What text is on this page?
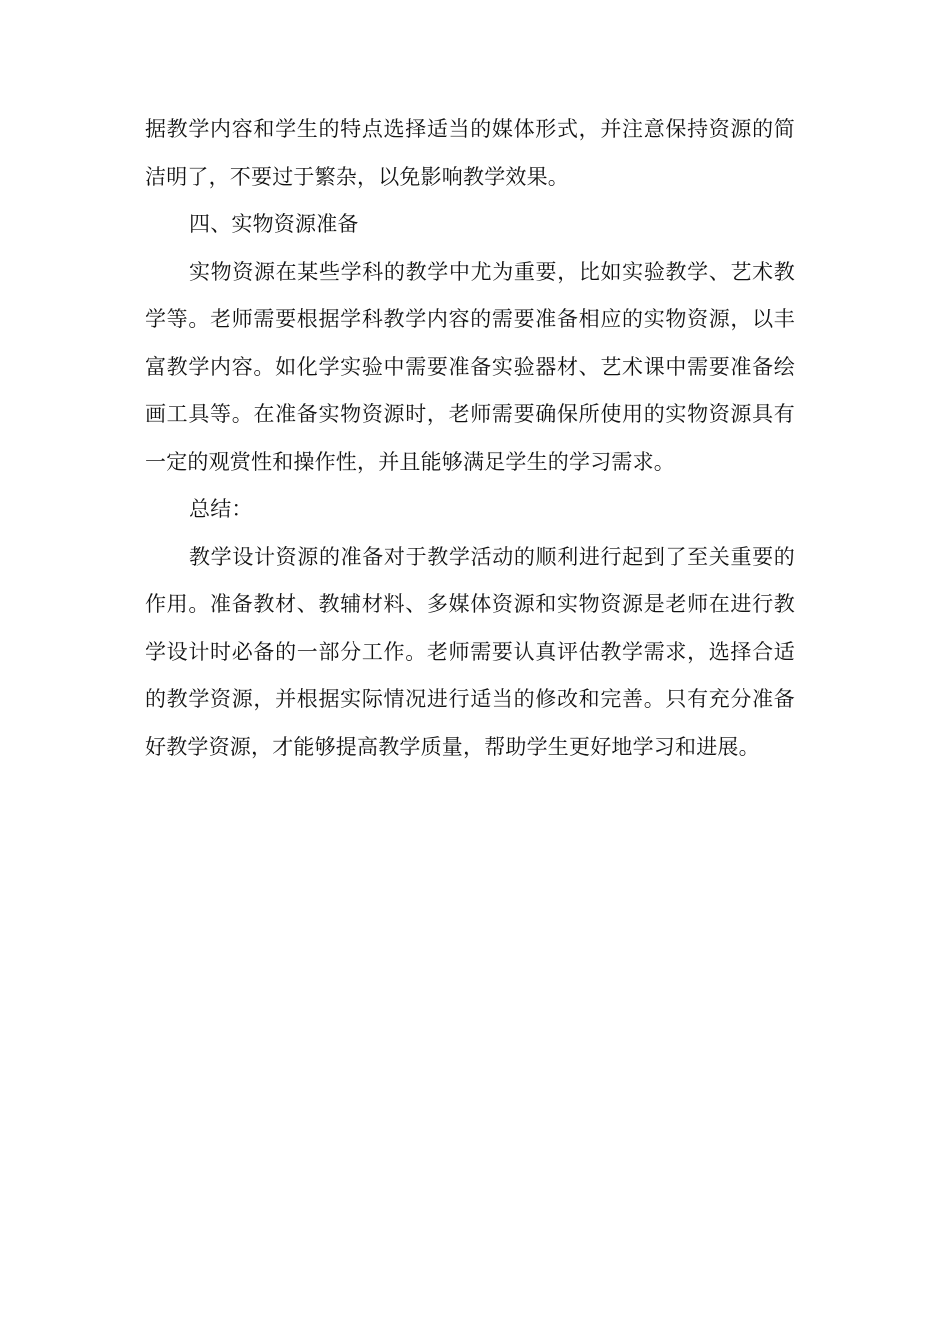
据教学内容和学生的特点选择适当的媒体形式，并注意保持资源的简洁明了，不要过于繁杂，以免影响教学效果。

四、实物资源准备

实物资源在某些学科的教学中尤为重要，比如实验教学、艺术教学等。老师需要根据学科教学内容的需要准备相应的实物资源，以丰富教学内容。如化学实验中需要准备实验器材、艺术课中需要准备绘画工具等。在准备实物资源时，老师需要确保所使用的实物资源具有一定的观赏性和操作性，并且能够满足学生的学习需求。

总结：

教学设计资源的准备对于教学活动的顺利进行起到了至关重要的作用。准备教材、教辅材料、多媒体资源和实物资源是老师在进行教学设计时必备的一部分工作。老师需要认真评估教学需求，选择合适的教学资源，并根据实际情况进行适当的修改和完善。只有充分准备好教学资源，才能够提高教学质量，帮助学生更好地学习和进展。
